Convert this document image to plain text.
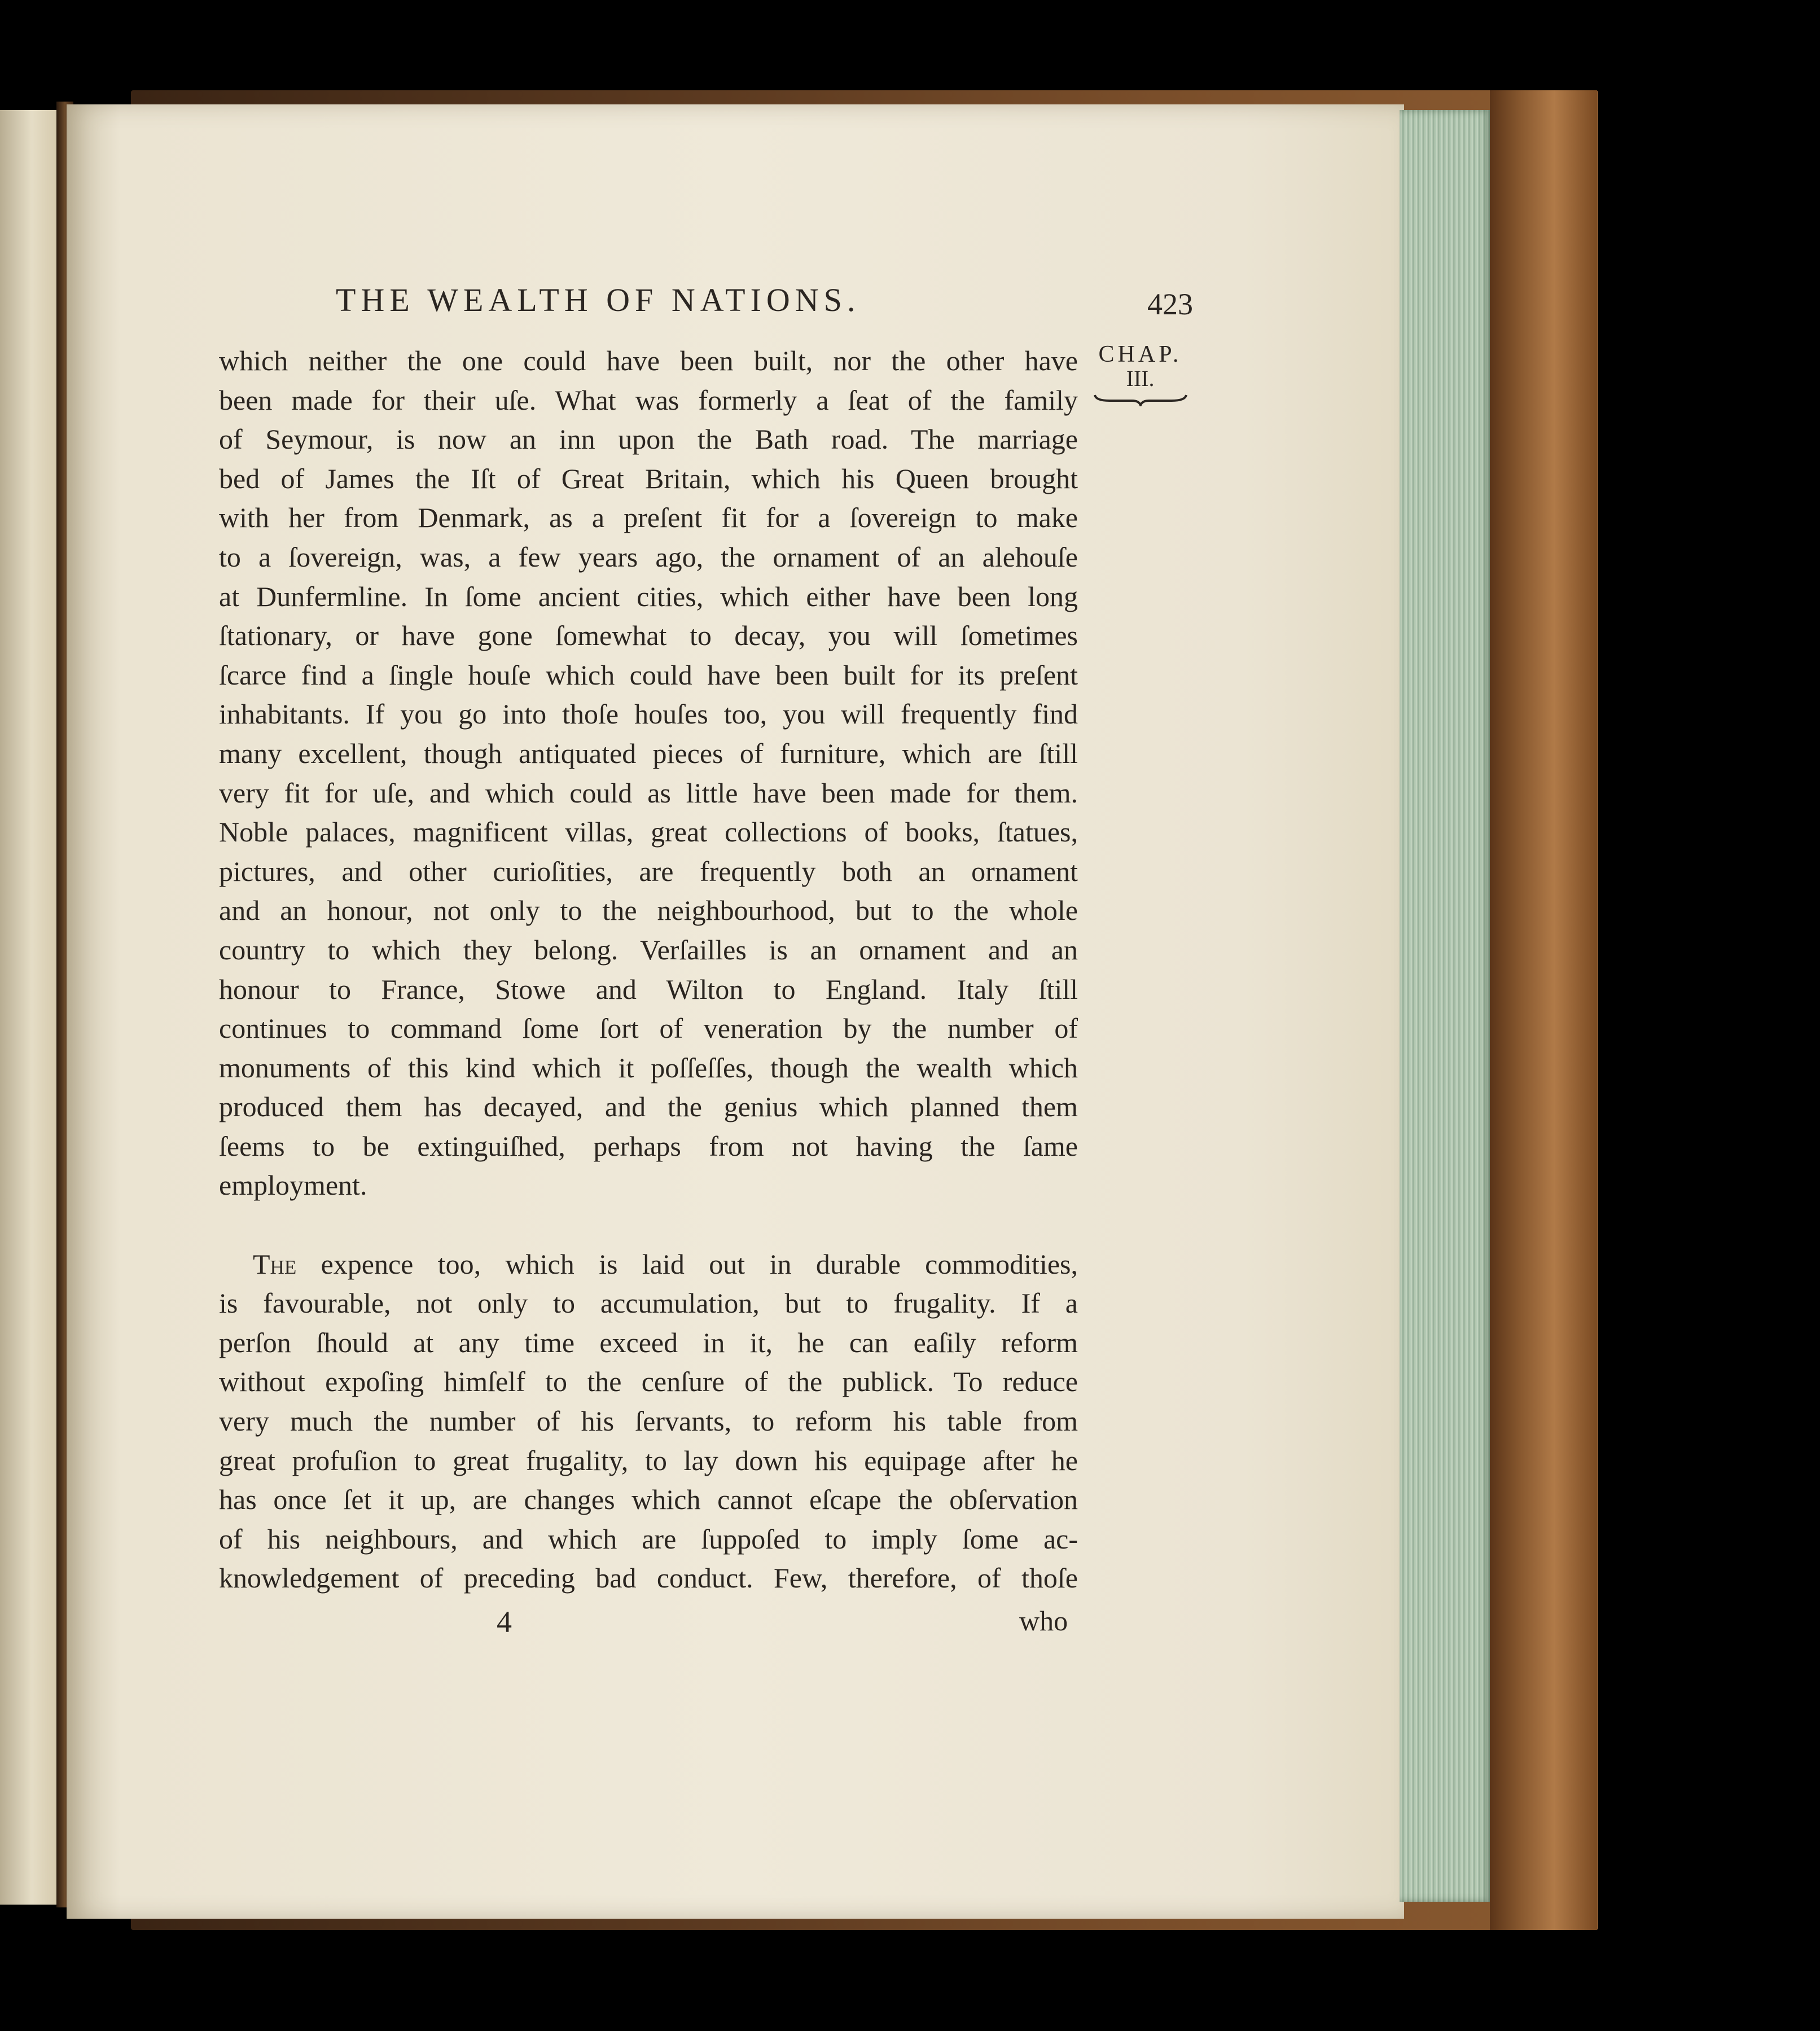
THE WEALTH OF NATIONS.	423
CHAP.
III.
which neither the one could have been built, nor the other have
been made for their uſe. What was formerly a ſeat of the family
of Seymour, is now an inn upon the Bath road. The marriage
bed of James the Iſt of Great Britain, which his Queen brought
with her from Denmark, as a preſent fit for a ſovereign to make
to a ſovereign, was, a few years ago, the ornament of an alehouſe
at Dunfermline. In ſome ancient cities, which either have been long
ſtationary, or have gone ſomewhat to decay, you will ſometimes
ſcarce find a ſingle houſe which could have been built for its preſent
inhabitants. If you go into thoſe houſes too, you will frequently find
many excellent, though antiquated pieces of furniture, which are ſtill
very fit for uſe, and which could as little have been made for them.
Noble palaces, magnificent villas, great collections of books, ſtatues,
pictures, and other curioſities, are frequently both an ornament
and an honour, not only to the neighbourhood, but to the whole
country to which they belong. Verſailles is an ornament and an
honour to France, Stowe and Wilton to England. Italy ſtill
continues to command ſome ſort of veneration by the number of
monuments of this kind which it poſſeſſes, though the wealth which
produced them has decayed, and the genius which planned them
ſeems to be extinguiſhed, perhaps from not having the ſame
employment.
The expence too, which is laid out in durable commodities,
is favourable, not only to accumulation, but to frugality. If a
perſon ſhould at any time exceed in it, he can eaſily reform
without expoſing himſelf to the cenſure of the publick. To reduce
very much the number of his ſervants, to reform his table from
great profuſion to great frugality, to lay down his equipage after he
has once ſet it up, are changes which cannot eſcape the obſervation
of his neighbours, and which are ſuppoſed to imply ſome ac-
knowledgement of preceding bad conduct. Few, therefore, of thoſe
4	who
